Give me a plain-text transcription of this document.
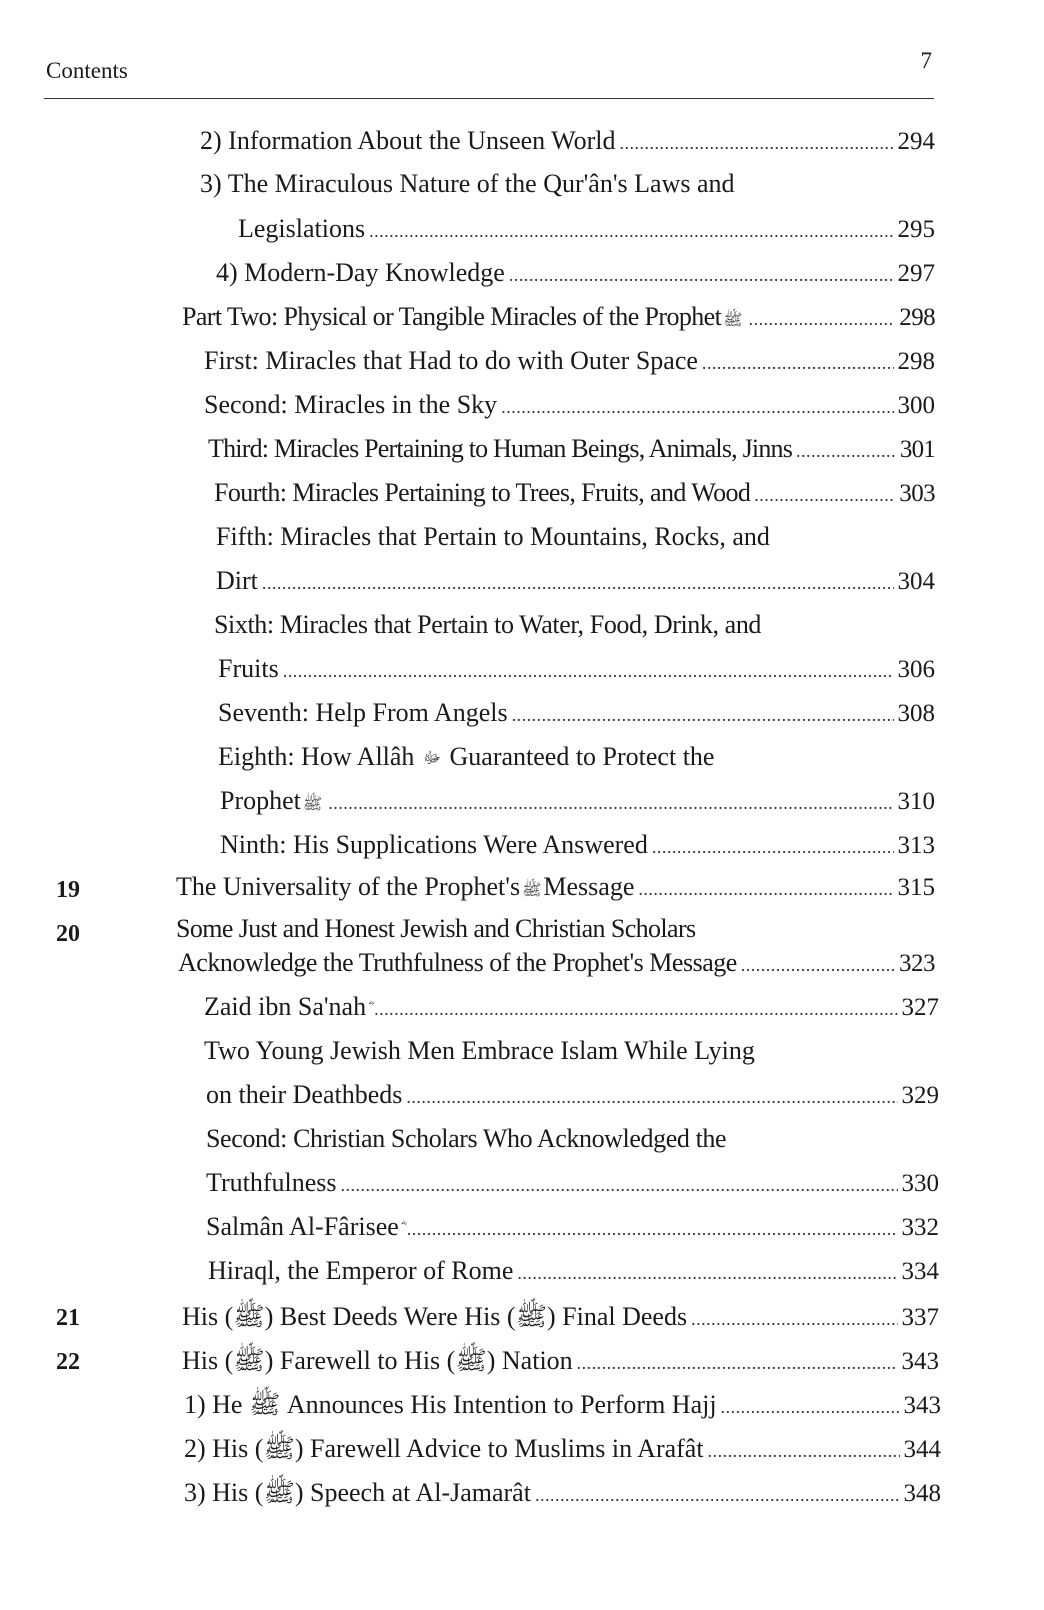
Contents	7
2) Information About the Unseen World . . .	294
3) The Miraculous Nature of the Qur'ân's Laws and
Legislations . . .	295
4) Modern-Day Knowledge . . .	297
Part Two: Physical or Tangible Miracles of the Prophet ﷺ . . .	298
First: Miracles that Had to do with Outer Space . . .	298
Second: Miracles in the Sky . . .	300
Third: Miracles Pertaining to Human Beings, Animals, Jinns . . .	301
Fourth: Miracles Pertaining to Trees, Fruits, and Wood . . .	303
Fifth: Miracles that Pertain to Mountains, Rocks, and
Dirt . . .	304
Sixth: Miracles that Pertain to Water, Food, Drink, and
Fruits . . .	306
Seventh: Help From Angels . . .	308
Eighth: How Allâh ﷻ Guaranteed to Protect the
Prophet ﷺ . . .	310
Ninth: His Supplications Were Answered . . .	313
19	The Universality of the Prophet's ﷺ Message . . .	315
20	Some Just and Honest Jewish and Christian Scholars
Acknowledge the Truthfulness of the Prophet's Message . . .	323
Zaid ibn Sa'nah . . .	327
Two Young Jewish Men Embrace Islam While Lying
on their Deathbeds . . .	329
Second: Christian Scholars Who Acknowledged the
Truthfulness . . .	330
Salmân Al-Fârisee . . .	332
Hiraql, the Emperor of Rome . . .	334
21	His (ﷺ) Best Deeds Were His (ﷺ) Final Deeds . . .	337
22	His (ﷺ) Farewell to His (ﷺ) Nation . . .	343
1) He ﷺ Announces His Intention to Perform Hajj . . .	343
2) His (ﷺ) Farewell Advice to Muslims in Arafât . . .	344
3) His (ﷺ) Speech at Al-Jamarât . . .	348
